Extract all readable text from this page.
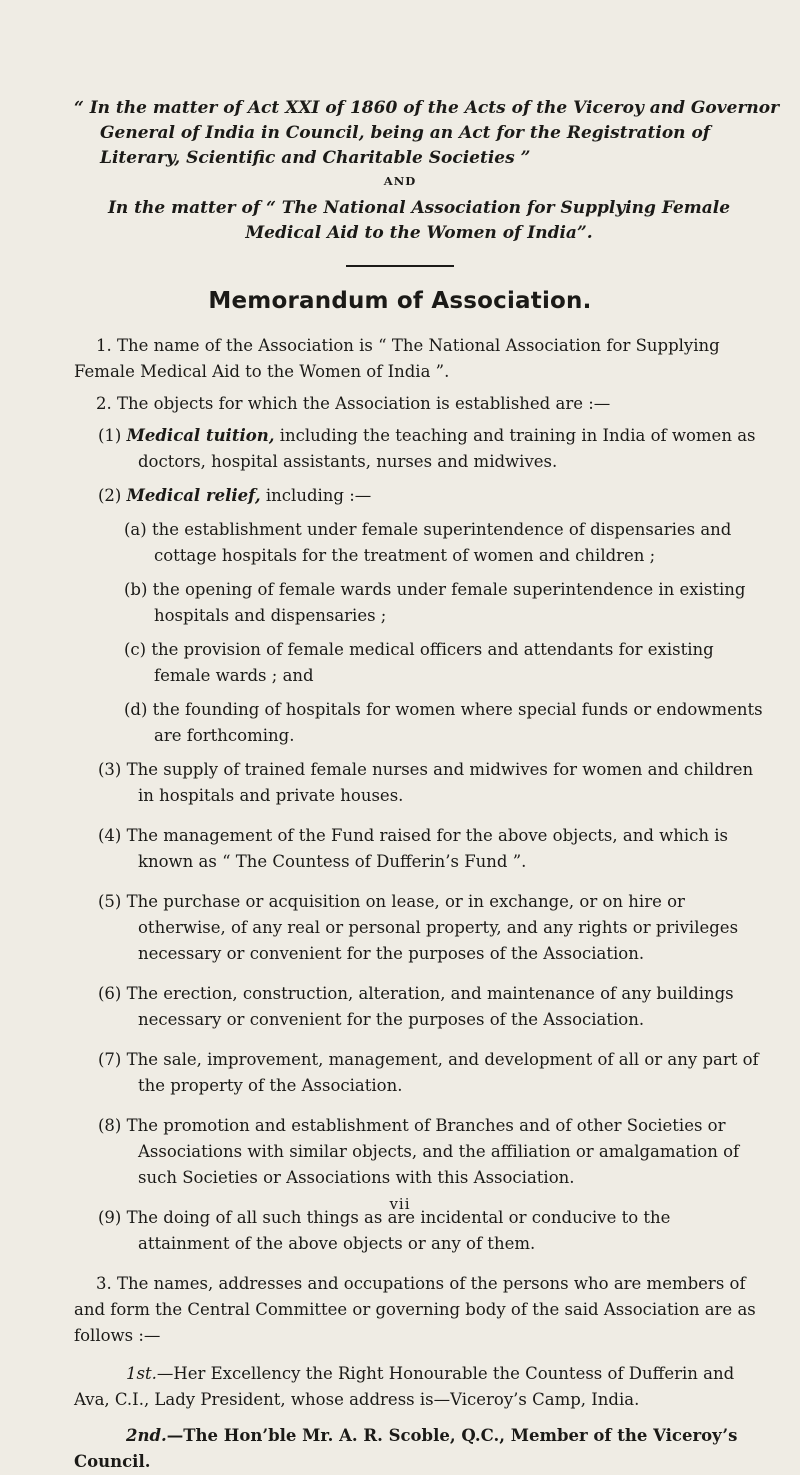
“ In the matter of Act XXI of 1860 of the Acts of the Viceroy and Governor General of India in Council, being an Act for the Registration of Literary, Scientific and Charitable Societies ”
AND
In the matter of “ The National Association for Supplying Female Medical Aid to the Women of India”.
Memorandum of Association.

1. The name of the Association is “ The National Association for Supplying Female Medical Aid to the Women of India ”.

2. The objects for which the Association is established are :—

(1) Medical tuition, including the teaching and training in India of women as doctors, hospital assistants, nurses and midwives.

(2) Medical relief, including :—

(a) the establishment under female superintendence of dispensaries and cottage hospitals for the treatment of women and children ;

(b) the opening of female wards under female superintendence in existing hospitals and dispensaries ;

(c) the provision of female medical officers and attendants for existing female wards ; and

(d) the founding of hospitals for women where special funds or endowments are forthcoming.

(3) The supply of trained female nurses and midwives for women and children in hospitals and private houses.

(4) The management of the Fund raised for the above objects, and which is known as “ The Countess of Dufferin’s Fund ”.

(5) The purchase or acquisition on lease, or in exchange, or on hire or otherwise, of any real or personal property, and any rights or privileges necessary or convenient for the purposes of the Association.

(6) The erection, construction, alteration, and maintenance of any buildings necessary or convenient for the purposes of the Association.

(7) The sale, improvement, management, and development of all or any part of the property of the Association.

(8) The promotion and establishment of Branches and of other Societies or Associations with similar objects, and the affiliation or amalgamation of such Societies or Associations with this Association.

(9) The doing of all such things as are incidental or conducive to the attainment of the above objects or any of them.

3. The names, addresses and occupations of the persons who are members of and form the Central Committee or governing body of the said Association are as follows :—

1st.—Her Excellency the Right Honourable the Countess of Dufferin and Ava, C.I., Lady President, whose address is—Viceroy’s Camp, India.

2nd.—The Hon’ble Mr. A. R. Scoble, Q.C., Member of the Viceroy’s Council.

vii
